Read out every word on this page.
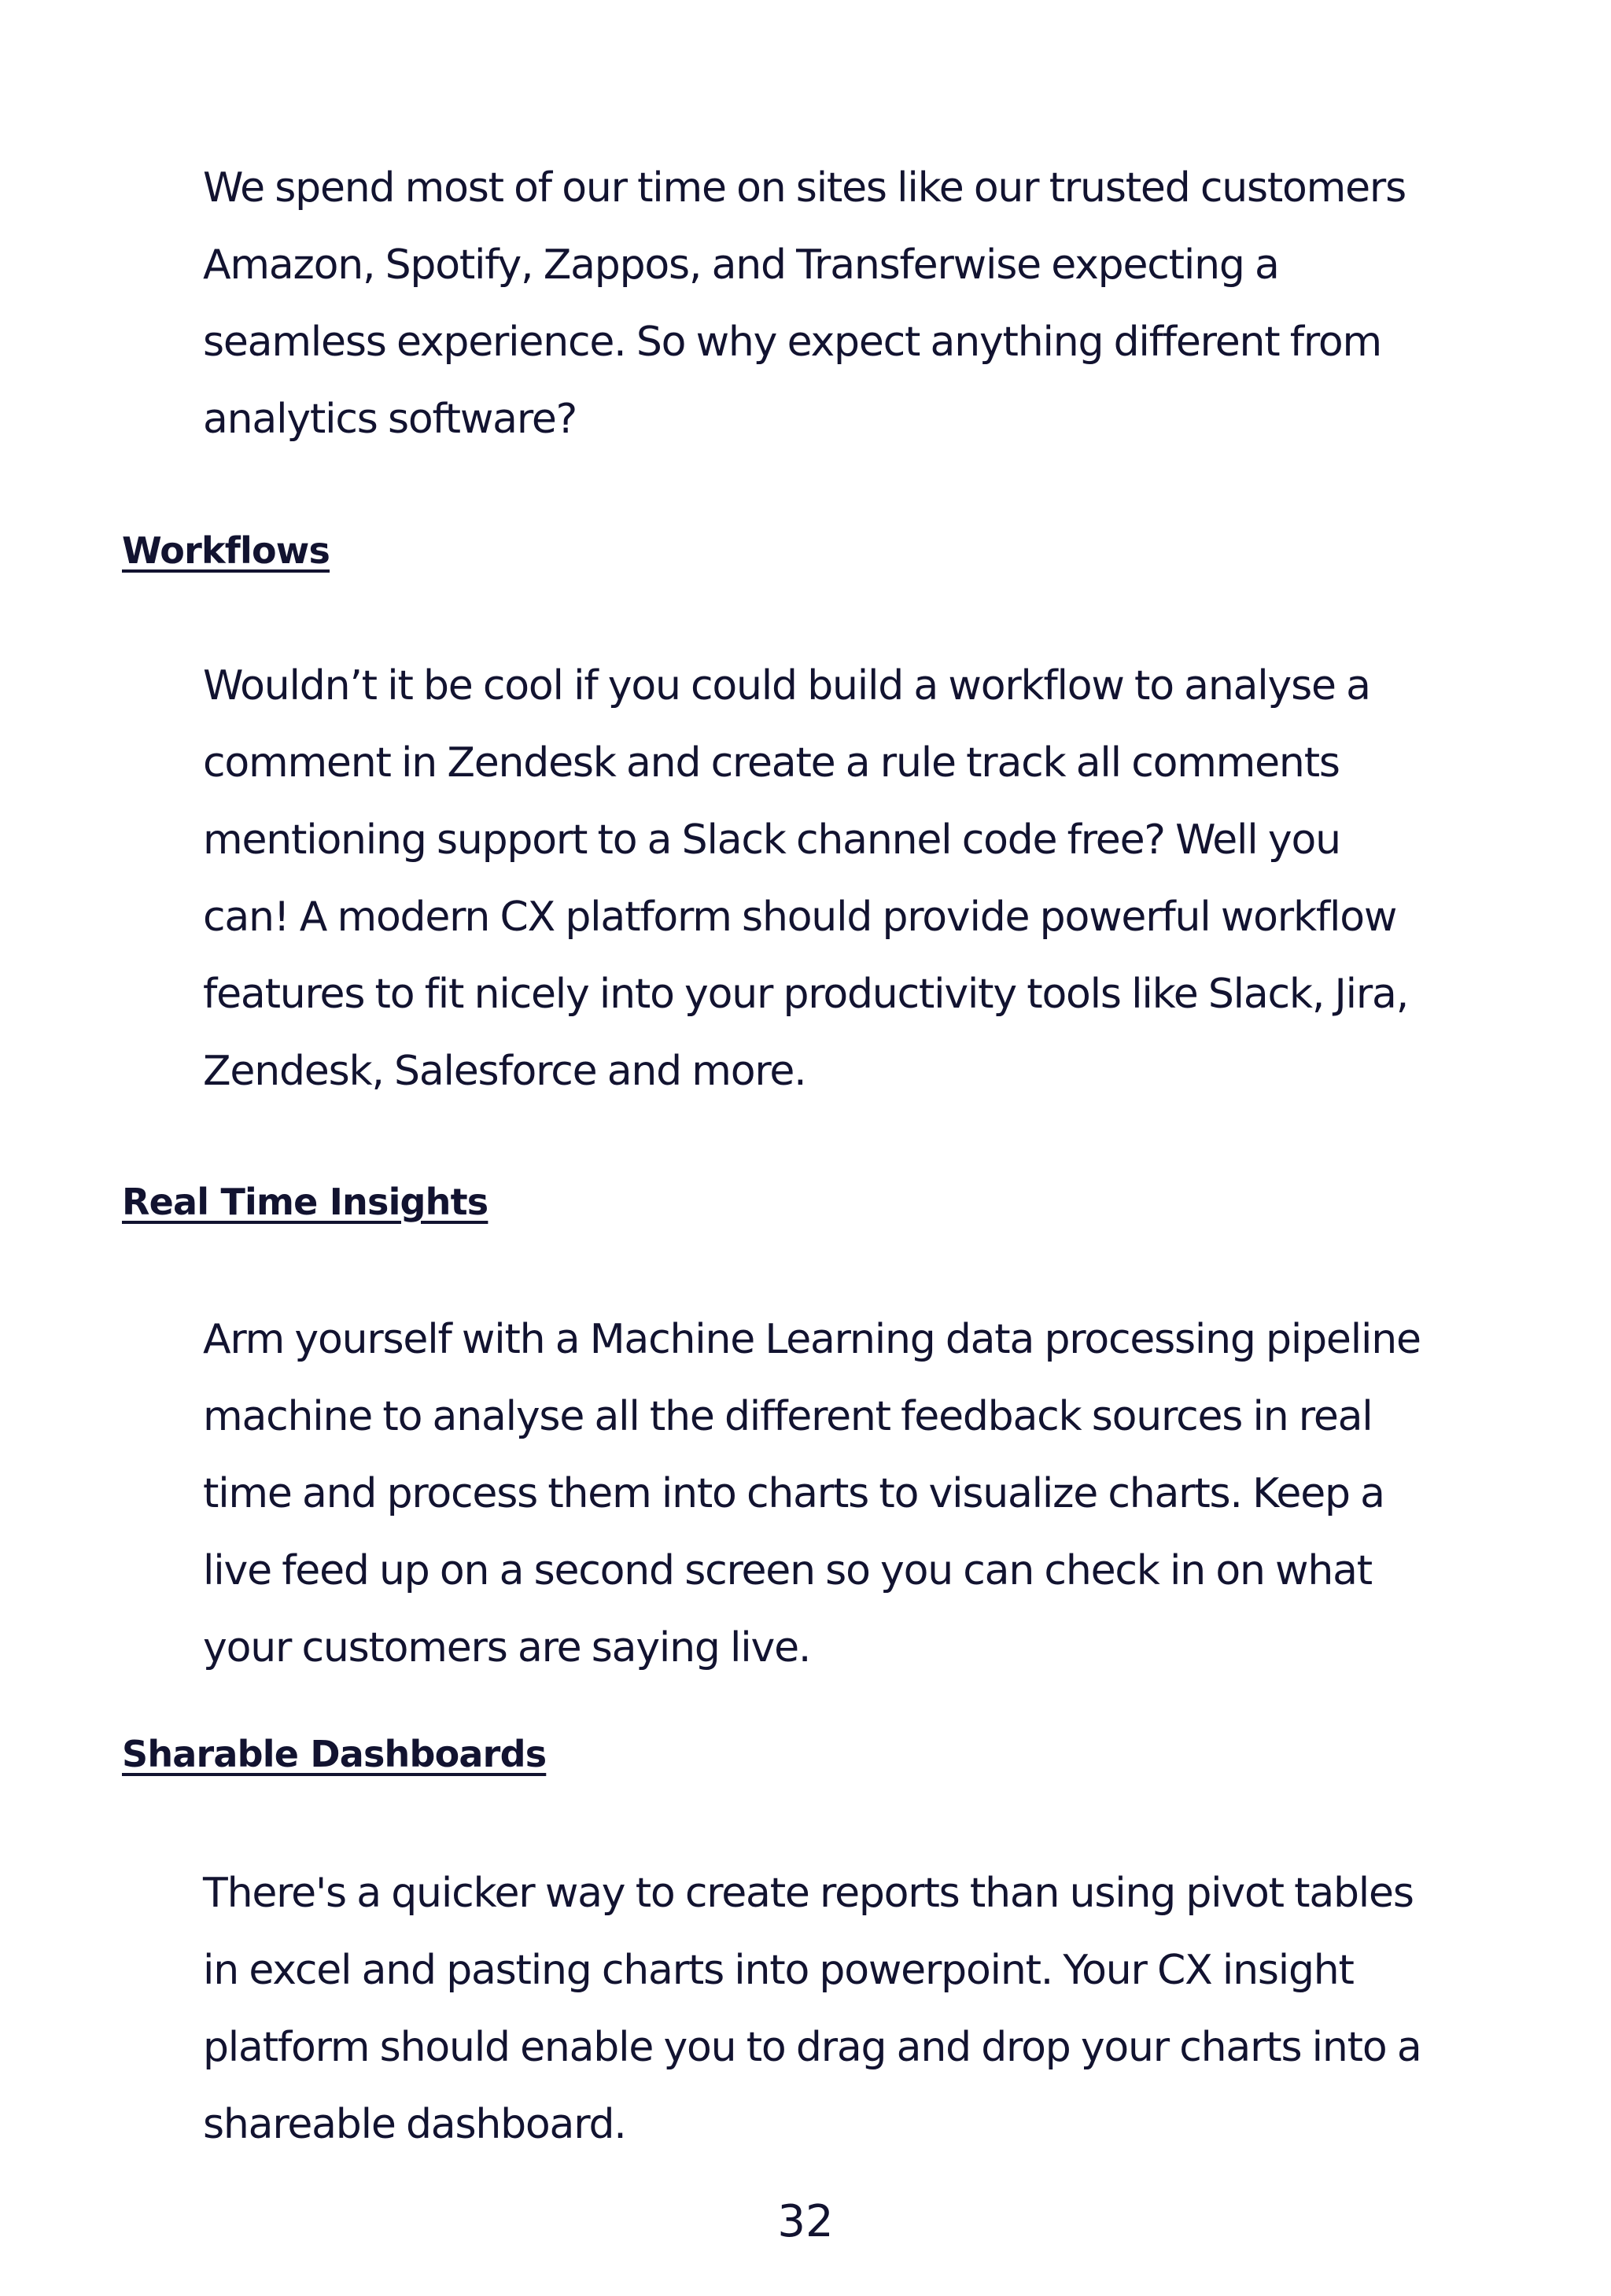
We spend most of our time on sites like our trusted customers Amazon, Spotify, Zappos, and Transferwise expecting a seamless experience. So why expect anything different from analytics software?

Workflows

Wouldn’t it be cool if you could build a workflow to analyse a comment in Zendesk and create a rule track all comments mentioning support to a Slack channel code free? Well you can! A modern CX platform should provide powerful workflow features to fit nicely into your productivity tools like Slack, Jira, Zendesk, Salesforce and more.

Real Time Insights

Arm yourself with a Machine Learning data processing pipeline machine to analyse all the different feedback sources in real time and process them into charts to visualize charts. Keep a live feed up on a second screen so you can check in on what your customers are saying live.

Sharable Dashboards

There's a quicker way to create reports than using pivot tables in excel and pasting charts into powerpoint. Your CX insight platform should enable you to drag and drop your charts into a shareable dashboard.

32
